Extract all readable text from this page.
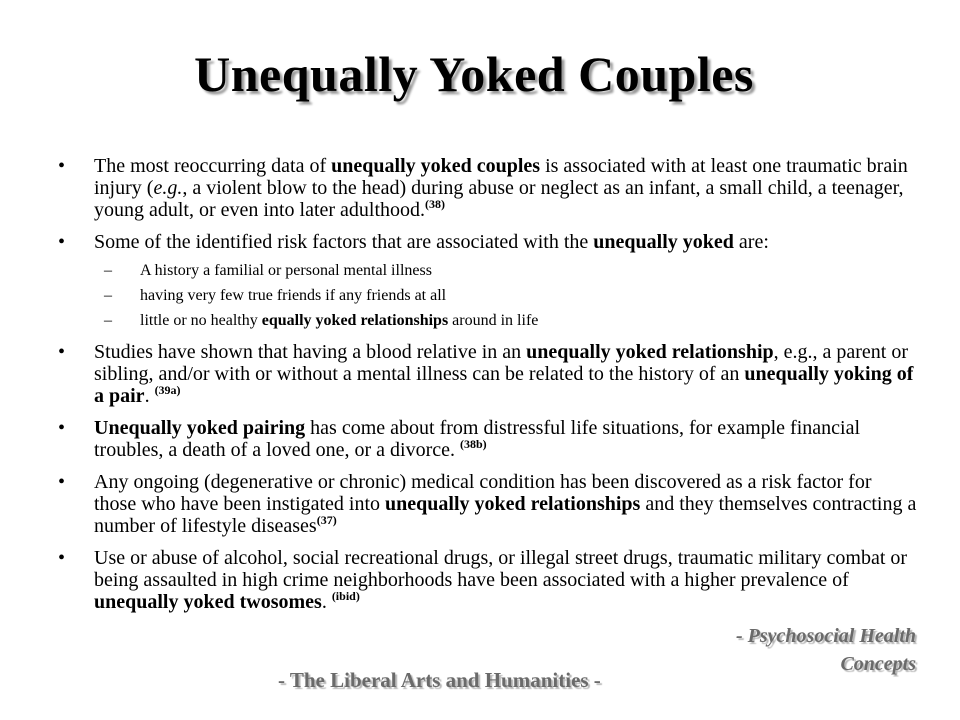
Unequally Yoked Couples
• The most reoccurring data of unequally yoked couples is associated with at least one traumatic brain injury (e.g., a violent blow to the head) during abuse or neglect as an infant, a small child, a teenager, young adult, or even into later adulthood.$^{(38)}$
• Some of the identified risk factors that are associated with the unequally yoked are:
– A history a familial or personal mental illness
– having very few true friends if any friends at all
– little or no healthy equally yoked relationships around in life
• Studies have shown that having a blood relative in an unequally yoked relationship, e.g., a parent or sibling, and/or with or without a mental illness can be related to the history of an unequally yoking of a pair. $^{(39a)}$
• Unequally yoked pairing has come about from distressful life situations, for example financial troubles, a death of a loved one, or a divorce. $^{(38b)}$
• Any ongoing (degenerative or chronic) medical condition has been discovered as a risk factor for those who have been instigated into unequally yoked relationships and they themselves contracting a number of lifestyle diseases$^{(37)}$
• Use or abuse of alcohol, social recreational drugs, or illegal street drugs, traumatic military combat or being assaulted in high crime neighborhoods have been associated with a higher prevalence of unequally yoked twosomes. $^{(ibid)}$
- Psychosocial Health
Concepts
- The Liberal Arts and Humanities -
